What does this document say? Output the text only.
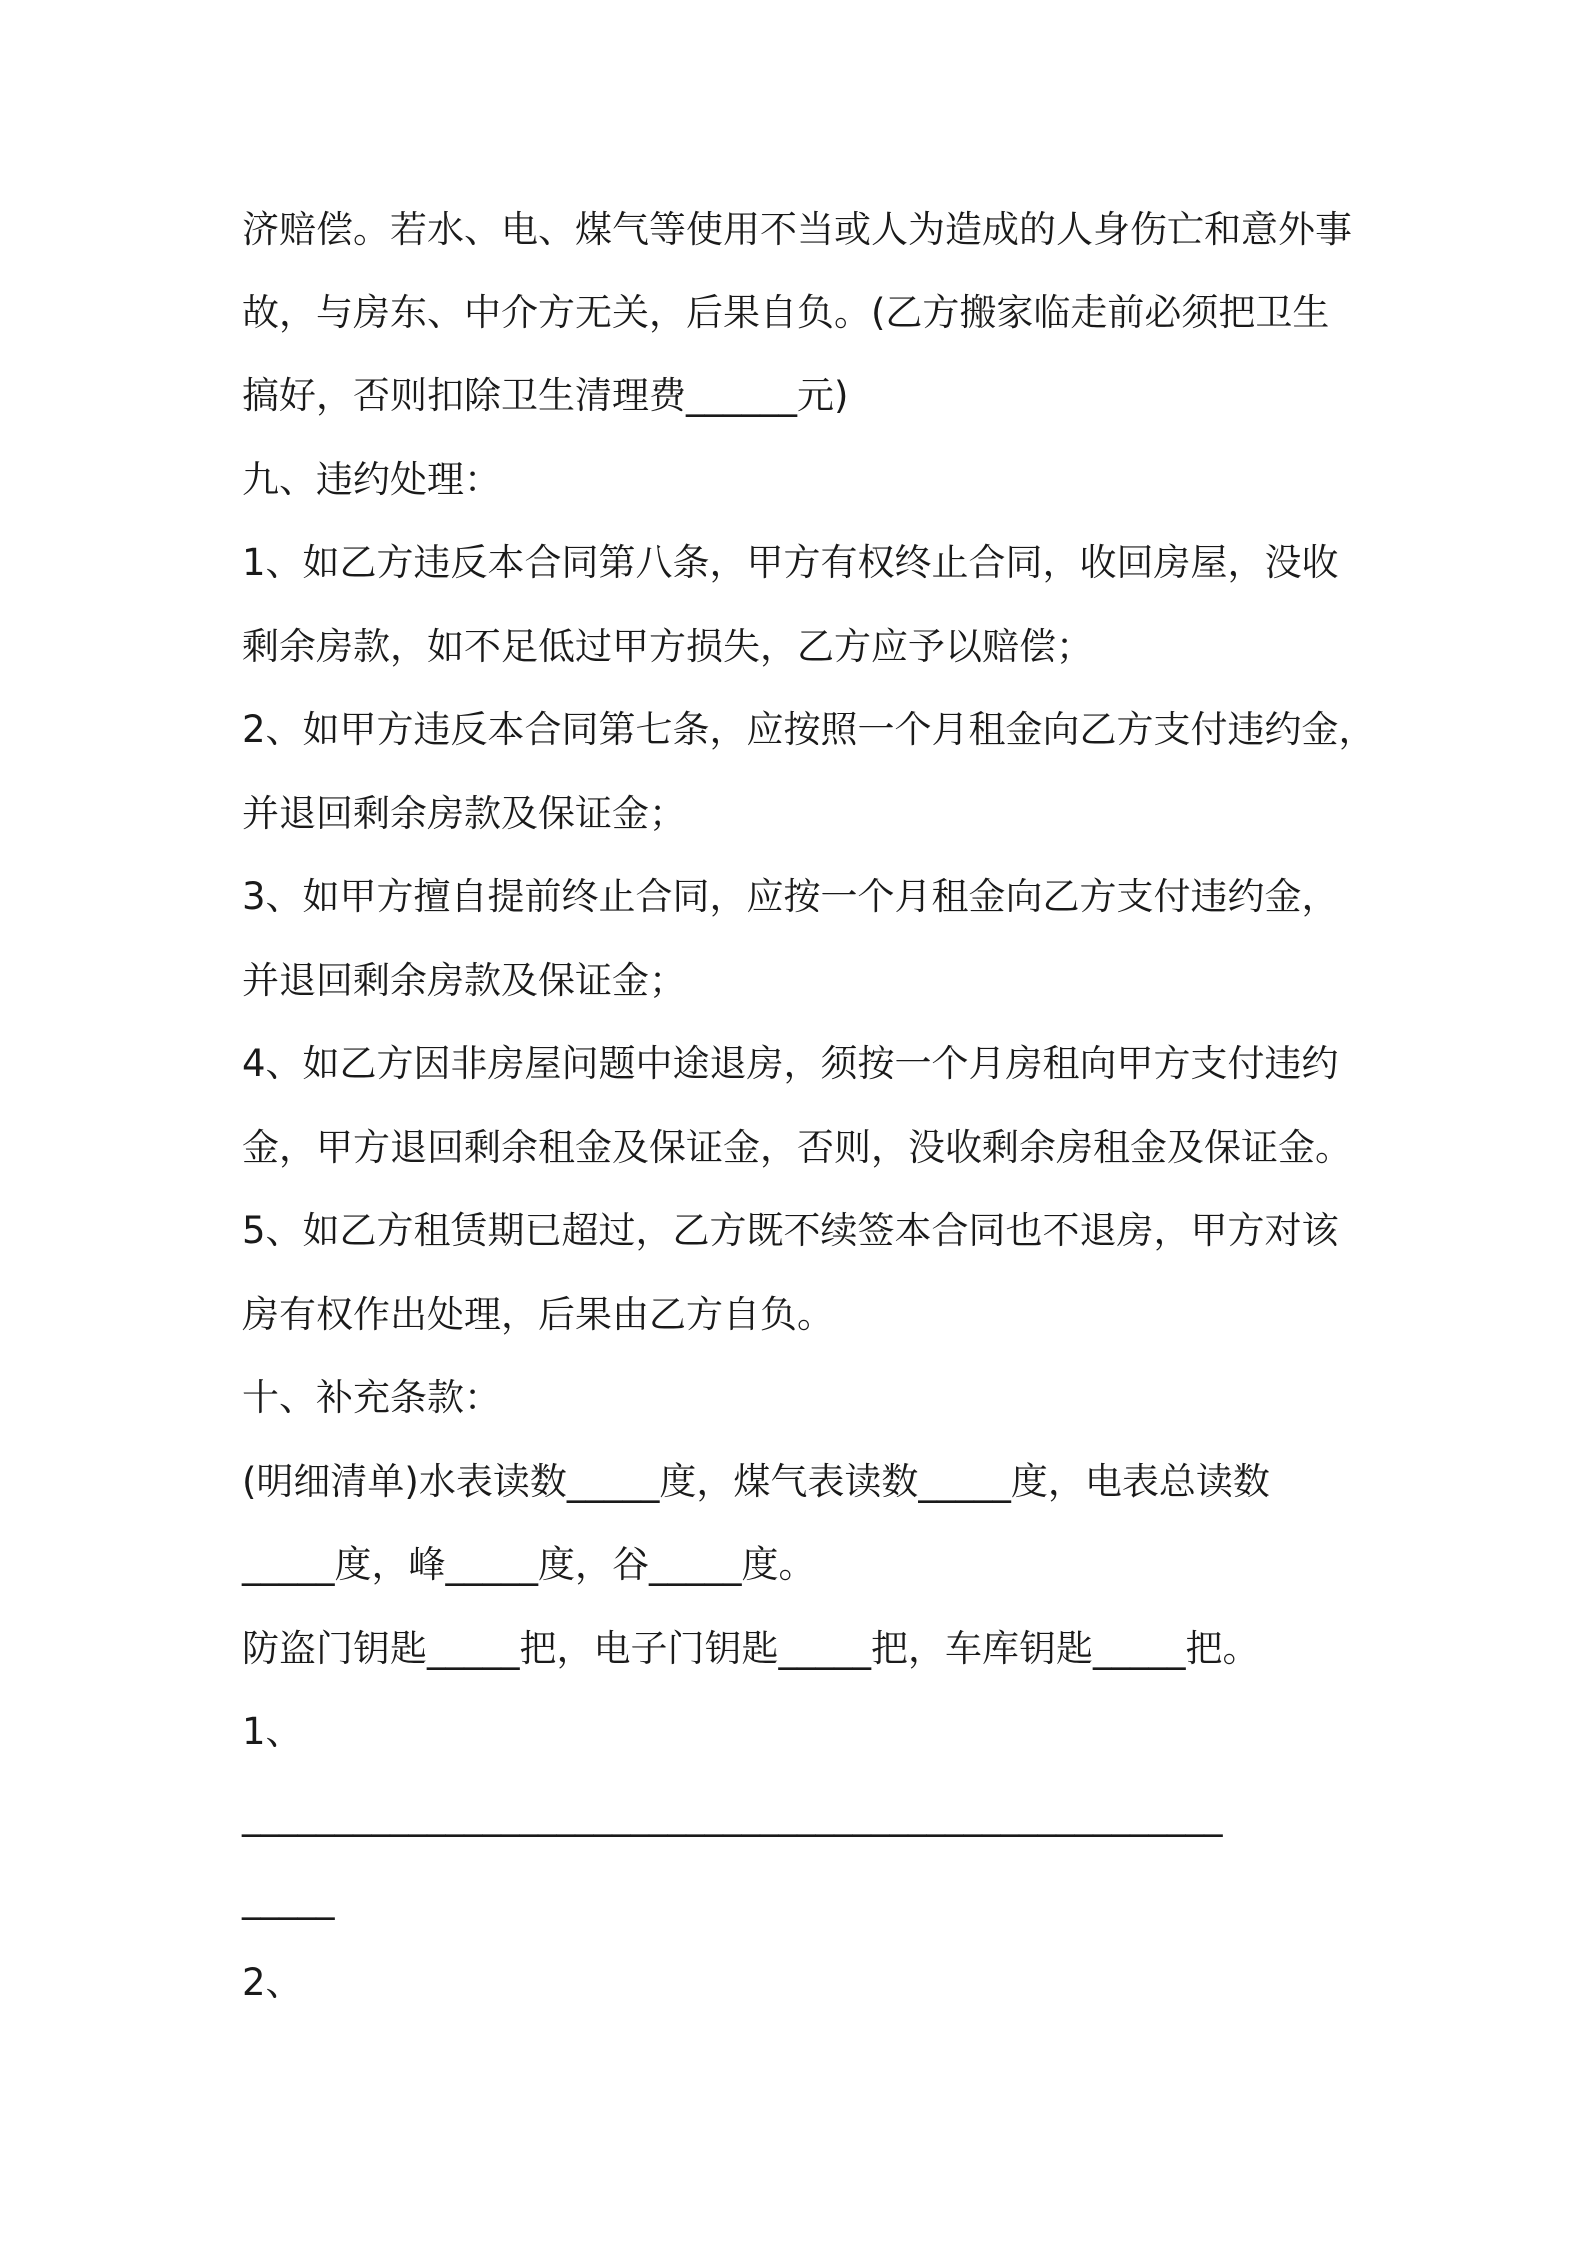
济赔偿。若水、电、煤气等使用不当或人为造成的人身伤亡和意外事
故，与房东、中介方无关，后果自负。(乙方搬家临走前必须把卫生
搞好，否则扣除卫生清理费______元)
九、违约处理：
1、如乙方违反本合同第八条，甲方有权终止合同，收回房屋，没收
剩余房款，如不足低过甲方损失，乙方应予以赔偿；
2、如甲方违反本合同第七条，应按照一个月租金向乙方支付违约金，
并退回剩余房款及保证金；
3、如甲方擅自提前终止合同，应按一个月租金向乙方支付违约金，
并退回剩余房款及保证金；
4、如乙方因非房屋问题中途退房，须按一个月房租向甲方支付违约
金，甲方退回剩余租金及保证金，否则，没收剩余房租金及保证金。
5、如乙方租赁期已超过，乙方既不续签本合同也不退房，甲方对该
房有权作出处理，后果由乙方自负。
十、补充条款：
(明细清单)水表读数_____度，煤气表读数_____度，电表总读数
_____度，峰_____度，谷_____度。
防盗门钥匙_____把，电子门钥匙_____把，车库钥匙_____把。
1、
_____________________________________________________
_____
2、
